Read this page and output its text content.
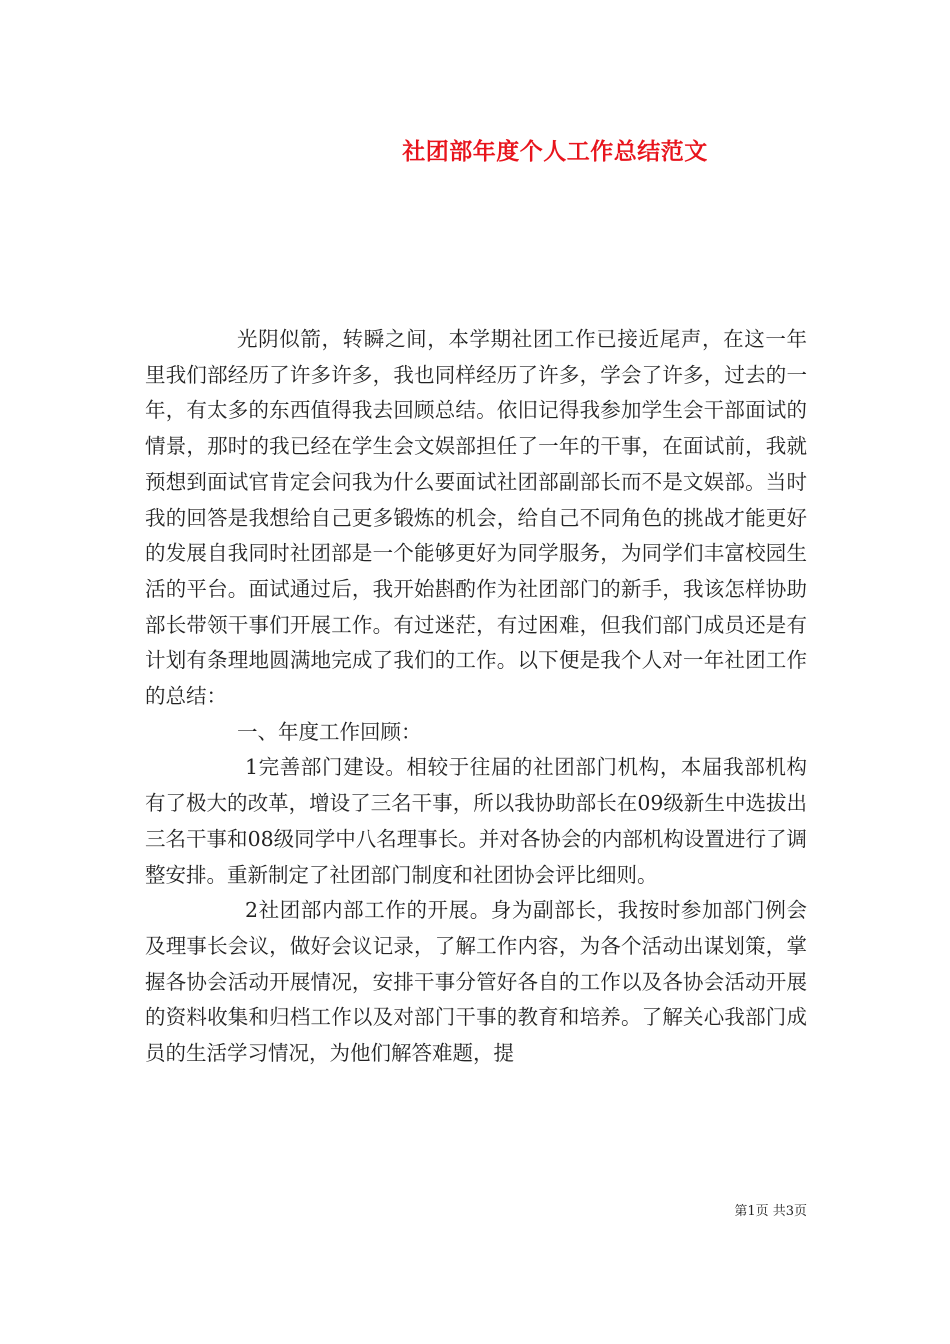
社团部年度个人工作总结范文

光阴似箭，转瞬之间，本学期社团工作已接近尾声，在这一年里我们部经历了许多许多，我也同样经历了许多，学会了许多，过去的一年，有太多的东西值得我去回顾总结。依旧记得我参加学生会干部面试的情景，那时的我已经在学生会文娱部担任了一年的干事，在面试前，我就预想到面试官肯定会问我为什么要面试社团部副部长而不是文娱部。当时我的回答是我想给自己更多锻炼的机会，给自己不同角色的挑战才能更好的发展自我同时社团部是一个能够更好为同学服务，为同学们丰富校园生活的平台。面试通过后，我开始斟酌作为社团部门的新手，我该怎样协助部长带领干事们开展工作。有过迷茫，有过困难，但我们部门成员还是有计划有条理地圆满地完成了我们的工作。以下便是我个人对一年社团工作的总结：

一、年度工作回顾：

1完善部门建设。相较于往届的社团部门机构，本届我部机构有了极大的改革，增设了三名干事，所以我协助部长在09级新生中选拔出三名干事和08级同学中八名理事长。并对各协会的内部机构设置进行了调整安排。重新制定了社团部门制度和社团协会评比细则。

2社团部内部工作的开展。身为副部长，我按时参加部门例会及理事长会议，做好会议记录，了解工作内容，为各个活动出谋划策，掌握各协会活动开展情况，安排干事分管好各自的工作以及各协会活动开展的资料收集和归档工作以及对部门干事的教育和培养。了解关心我部门成员的生活学习情况，为他们解答难题，提

第1页 共3页
